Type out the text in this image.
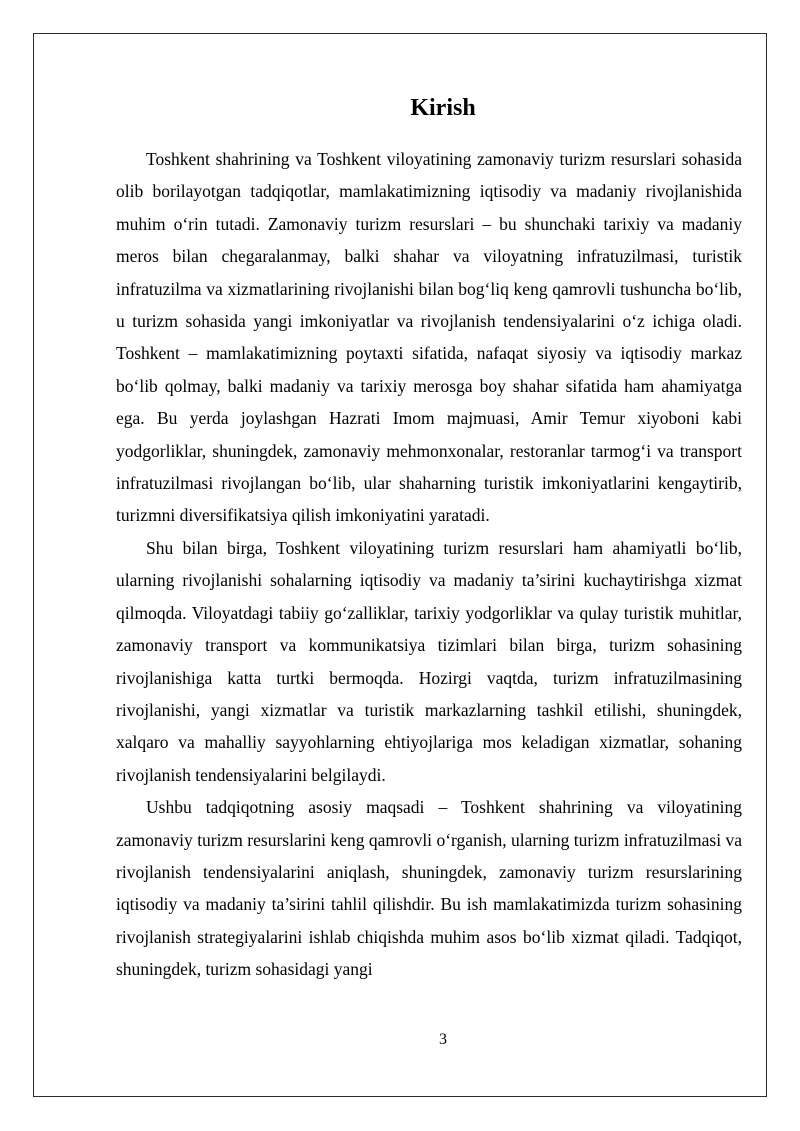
Kirish

Toshkent shahrining va Toshkent viloyatining zamonaviy turizm resurslari sohasida olib borilayotgan tadqiqotlar, mamlakatimizning iqtisodiy va madaniy rivojlanishida muhim o‘rin tutadi. Zamonaviy turizm resurslari – bu shunchaki tarixiy va madaniy meros bilan chegaralanmay, balki shahar va viloyatning infratuzilmasi, turistik infratuzilma va xizmatlarining rivojlanishi bilan bog‘liq keng qamrovli tushuncha bo‘lib, u turizm sohasida yangi imkoniyatlar va rivojlanish tendensiyalarini o‘z ichiga oladi. Toshkent – mamlakatimizning poytaxti sifatida, nafaqat siyosiy va iqtisodiy markaz bo‘lib qolmay, balki madaniy va tarixiy merosga boy shahar sifatida ham ahamiyatga ega. Bu yerda joylashgan Hazrati Imom majmuasi, Amir Temur xiyoboni kabi yodgorliklar, shuningdek, zamonaviy mehmonxonalar, restoranlar tarmog‘i va transport infratuzilmasi rivojlangan bo‘lib, ular shaharning turistik imkoniyatlarini kengaytirib, turizmni diversifikatsiya qilish imkoniyatini yaratadi.

Shu bilan birga, Toshkent viloyatining turizm resurslari ham ahamiyatli bo‘lib, ularning rivojlanishi sohalarning iqtisodiy va madaniy ta’sirini kuchaytirishga xizmat qilmoqda. Viloyatdagi tabiiy go‘zalliklar, tarixiy yodgorliklar va qulay turistik muhitlar, zamonaviy transport va kommunikatsiya tizimlari bilan birga, turizm sohasining rivojlanishiga katta turtki bermoqda. Hozirgi vaqtda, turizm infratuzilmasining rivojlanishi, yangi xizmatlar va turistik markazlarning tashkil etilishi, shuningdek, xalqaro va mahalliy sayyohlarning ehtiyojlariga mos keladigan xizmatlar, sohaning rivojlanish tendensiyalarini belgilaydi.

Ushbu tadqiqotning asosiy maqsadi – Toshkent shahrining va viloyatining zamonaviy turizm resurslarini keng qamrovli o‘rganish, ularning turizm infratuzilmasi va rivojlanish tendensiyalarini aniqlash, shuningdek, zamonaviy turizm resurslarining iqtisodiy va madaniy ta’sirini tahlil qilishdir. Bu ish mamlakatimizda turizm sohasining rivojlanish strategiyalarini ishlab chiqishda muhim asos bo‘lib xizmat qiladi. Tadqiqot, shuningdek, turizm sohasidagi yangi

3
